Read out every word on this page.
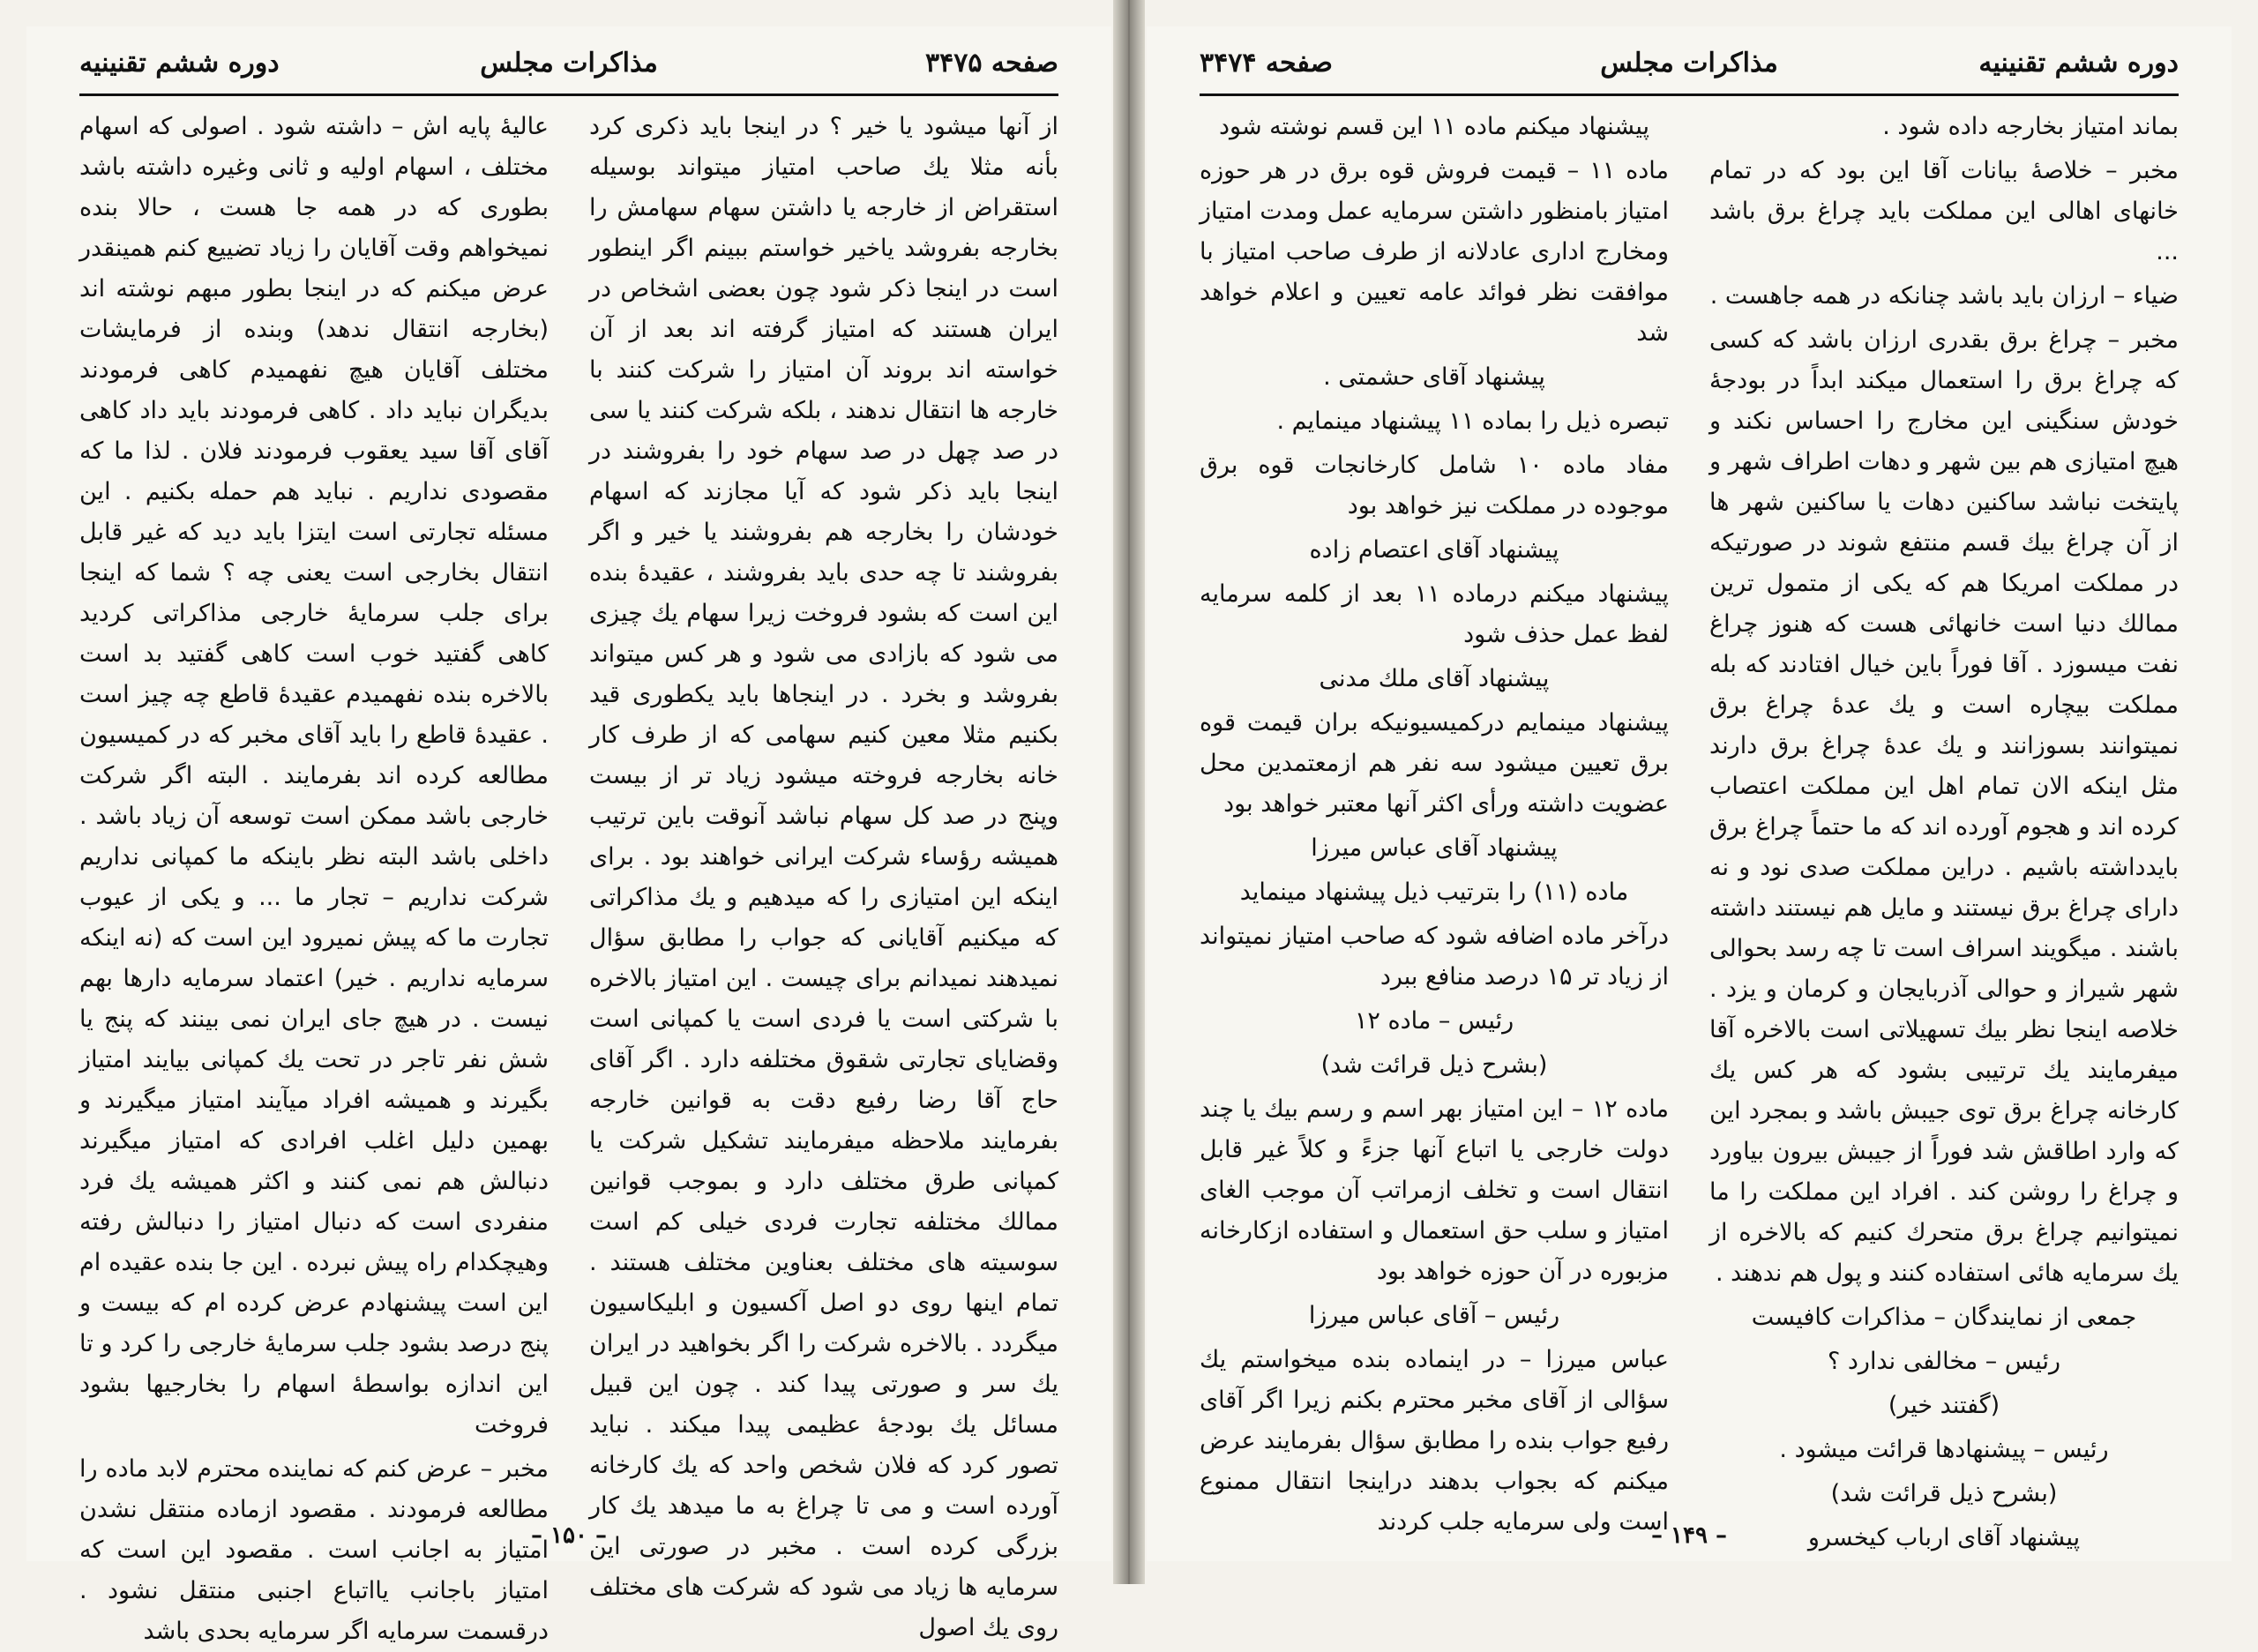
صفحه ۳۴۷۵
مذاکرات مجلس
دوره ششم تقنینیه

از آنها میشود یا خیر ؟ در اینجا باید ذکری کرد بأنه مثلا یك صاحب امتیاز میتواند بوسیله استقراض از خارجه یا داشتن سهام سهامش را بخارجه بفروشد یاخیر خواستم ببینم اگر اینطور است در اینجا ذکر شود چون بعضی اشخاص در ایران هستند که امتیاز گرفته اند بعد از آن خواسته اند بروند آن امتیاز را شرکت کنند با خارجه ها انتقال ندهند ، بلکه شرکت کنند یا سی در صد چهل در صد سهام خود را بفروشند در اینجا باید ذکر شود که آیا مجازند که اسهام خودشان را بخارجه هم بفروشند یا خیر و اگر بفروشند تا چه حدی باید بفروشند ، عقیدهٔ بنده این است که بشود فروخت زیرا سهام یك چیزی می شود که بازادی می شود و هر کس میتواند بفروشد و بخرد . در اینجاها باید یکطوری قید بکنیم مثلا معین کنیم سهامی که از طرف کار خانه بخارجه فروخته میشود زیاد تر از بیست وپنج در صد کل سهام نباشد آنوقت باین ترتیب همیشه رؤساء شرکت ایرانی خواهند بود . برای اینکه این امتیازی را که میدهیم و یك مذاکراتی که میکنیم آقایانی که جواب را مطابق سؤال نمیدهند نمیدانم برای چیست . این امتیاز بالاخره با شرکتی است یا فردی است یا کمپانی است وقضایای تجارتی شقوق مختلفه دارد . اگر آقای حاج آقا رضا رفیع دقت به قوانین خارجه بفرمایند ملاحظه میفرمایند تشکیل شرکت یا کمپانی طرق مختلف دارد و بموجب قوانین ممالك مختلفه تجارت فردی خیلی کم است سوسیته های مختلف بعناوین مختلف هستند . تمام اینها روی دو اصل آکسیون و ابلیکاسیون میگردد . بالاخره شرکت را اگر بخواهید در ایران یك سر و صورتی پیدا کند . چون این قبیل مسائل یك بودجهٔ عظیمی پیدا میکند . نباید تصور کرد که فلان شخص واحد که یك کارخانه آورده است و می تا چراغ به ما میدهد یك کار بزرگی کرده است . مخبر در صورتی این سرمایه ها زیاد می شود که شرکت های مختلف روی یك اصول

عالیهٔ پایه اش – داشته شود . اصولی که اسهام مختلف ، اسهام اولیه و ثانی وغیره داشته باشد بطوری که در همه جا هست ، حالا بنده نمیخواهم وقت آقایان را زیاد تضییع کنم همینقدر عرض میکنم که در اینجا بطور مبهم نوشته اند (بخارجه انتقال ندهد) وبنده از فرمایشات مختلف آقایان هیچ نفهمیدم کاهی فرمودند بدیگران نباید داد . کاهی فرمودند باید داد کاهی آقای آقا سید یعقوب فرمودند فلان . لذا ما که مقصودی نداریم . نباید هم حمله بکنیم . این مسئله تجارتی است ایتزا باید دید که غیر قابل انتقال بخارجی است یعنی چه ؟ شما که اینجا برای جلب سرمایهٔ خارجی مذاکراتی کردید کاهی گفتید خوب است کاهی گفتید بد است بالاخره بنده نفهمیدم عقیدهٔ قاطع چه چیز است . عقیدهٔ قاطع را باید آقای مخبر که در کمیسیون مطالعه کرده اند بفرمایند . البته اگر شرکت خارجی باشد ممکن است توسعه آن زیاد باشد . داخلی باشد البته نظر باینکه ما کمپانی نداریم شرکت نداریم – تجار ما ... و یکی از عیوب تجارت ما که پیش نمیرود این است که (نه اینکه سرمایه نداریم . خیر) اعتماد سرمایه دارها بهم نیست . در هیچ جای ایران نمی بینند که پنج یا شش نفر تاجر در تحت یك کمپانی بیایند امتیاز بگیرند و همیشه افراد میآیند امتیاز میگیرند و بهمین دلیل اغلب افرادی که امتیاز میگیرند دنبالش هم نمی کنند و اکثر همیشه یك فرد منفردی است که دنبال امتیاز را دنبالش رفته وهیچکدام راه پیش نبرده . این جا بنده عقیده ام این است پیشنهادم عرض کرده ام که بیست و پنج درصد بشود جلب سرمایهٔ خارجی را کرد و تا این اندازه بواسطهٔ اسهام را بخارجیها بشود فروخت

مخبر – عرض کنم که نماینده محترم لابد ماده را مطالعه فرمودند . مقصود ازماده منتقل نشدن امتیاز به اجانب است . مقصود این است که امتیاز باجانب یااتباع اجنبی منتقل نشود . درقسمت سرمایه اگر سرمایه بحدی باشد

– ۱۵۰ –
دوره ششم تقنینیه
مذاکرات مجلس
صفحه ۳۴۷۴

بماند امتیاز بخارجه داده شود .

مخبر – خلاصهٔ بیانات آقا این بود که در تمام خانهای اهالی این مملکت باید چراغ برق باشد ...

ضیاء – ارزان باید باشد چنانکه در همه جاهست .

مخبر – چراغ برق بقدری ارزان باشد که کسی که چراغ برق را استعمال میکند ابداً در بودجهٔ خودش سنگینی این مخارج را احساس نکند و هیچ امتیازی هم بین شهر و دهات اطراف شهر و پایتخت نباشد ساکنین دهات یا ساکنین شهر ها از آن چراغ بیك قسم منتفع شوند در صورتیکه در مملکت امریکا هم که یکی از متمول ترین ممالك دنیا است خانهائی هست که هنوز چراغ نفت میسوزد . آقا فوراً باین خیال افتادند که بله مملکت بیچاره است و یك عدهٔ چراغ برق نمیتوانند بسوزانند و یك عدهٔ چراغ برق دارند مثل اینکه الان تمام اهل این مملکت اعتصاب کرده اند و هجوم آورده اند که ما حتماً چراغ برق بایدداشته باشیم . دراین مملکت صدی نود و نه دارای چراغ برق نیستند و مایل هم نیستند داشته باشند . میگویند اسراف است تا چه رسد بحوالی شهر شیراز و حوالی آذربایجان و کرمان و یزد . خلاصه اینجا نظر بیك تسهیلاتی است بالاخره آقا میفرمایند یك ترتیبی بشود که هر کس یك کارخانه چراغ برق توی جیبش باشد و بمجرد این که وارد اطاقش شد فوراً از جیبش بیرون بیاورد و چراغ را روشن کند . افراد این مملکت را ما نمیتوانیم چراغ برق متحرك کنیم که بالاخره از یك سرمایه هائی استفاده کنند و پول هم ندهند .

جمعی از نمایندگان – مذاکرات کافیست

رئیس – مخالفی ندارد ؟

(گفتند خیر)

رئیس – پیشنهادها قرائت میشود .

(بشرح ذیل قرائت شد)

پیشنهاد آقای ارباب کیخسرو

پیشنهاد میکنم ماده ۱۱ این قسم نوشته شود

ماده ۱۱ – قیمت فروش قوه برق در هر حوزه امتیاز بامنظور داشتن سرمایه عمل ومدت امتیاز ومخارج اداری عادلانه از طرف صاحب امتیاز با موافقت نظر فوائد عامه تعیین و اعلام خواهد شد

پیشنهاد آقای حشمتی .

تبصره ذیل را بماده ۱۱ پیشنهاد مینمایم .

مفاد ماده ۱۰ شامل کارخانجات قوه برق موجوده در مملکت نیز خواهد بود

پیشنهاد آقای اعتصام زاده

پیشنهاد میکنم درماده ۱۱ بعد از کلمه سرمایه لفظ عمل حذف شود

پیشنهاد آقای ملك مدنی

پیشنهاد مینمایم درکمیسیونیکه بران قیمت قوه برق تعیین میشود سه نفر هم ازمعتمدین محل عضویت داشته ورأی اکثر آنها معتبر خواهد بود

پیشنهاد آقای عباس میرزا

ماده (۱۱) را بترتیب ذیل پیشنهاد مینماید

درآخر ماده اضافه شود که صاحب امتیاز نمیتواند از زیاد تر ۱۵ درصد منافع ببرد

رئیس – ماده ۱۲

(بشرح ذیل قرائت شد)

ماده ۱۲ – این امتیاز بهر اسم و رسم بیك یا چند دولت خارجی یا اتباع آنها جزءً و کلاً غیر قابل انتقال است و تخلف ازمراتب آن موجب الغای امتیاز و سلب حق استعمال و استفاده ازکارخانه مزبوره در آن حوزه خواهد بود

رئیس – آقای عباس میرزا

عباس میرزا – در اینماده بنده میخواستم یك سؤالی از آقای مخبر محترم بکنم زیرا اگر آقای رفیع جواب بنده را مطابق سؤال بفرمایند عرض میکنم که بجواب بدهند دراینجا انتقال ممنوع است ولی سرمایه جلب کردند

– ۱۴۹ –
